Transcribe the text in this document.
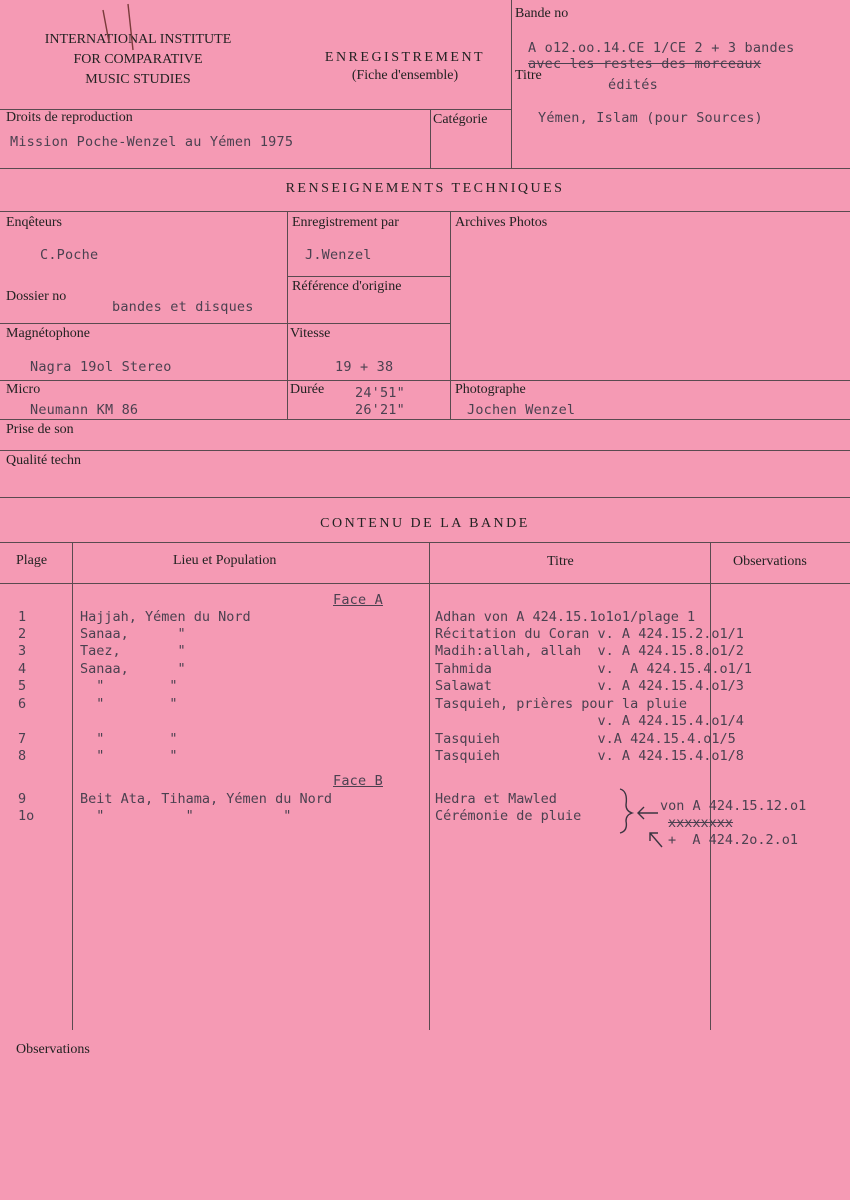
INTERNATIONAL INSTITUTE
FOR COMPARATIVE
MUSIC STUDIES
ENREGISTREMENT
(Fiche d'ensemble)
Bande no
A o12.oo.14.CE 1/CE 2 + 3 bandes
avec les restes des morceaux
édités
Titre
Yémen, Islam (pour Sources)
Droits de reproduction
Mission Poche-Wenzel au Yémen 1975
Catégorie
RENSEIGNEMENTS TECHNIQUES
Enqêteurs
C.Poche
Enregistrement par
J.Wenzel
Archives Photos
Dossier no
bandes et disques
Référence d'origine
Magnétophone
Nagra 19ol Stereo
Vitesse
19 + 38
Micro
Neumann KM 86
Durée 24'51"
26'21"
Photographe
Jochen Wenzel
Prise de son
Qualité techn
CONTENU DE LA BANDE
Plage	Lieu et Population	Titre	Observations
Face A
1	Hajjah, Yémen du Nord	Adhan von A 424.15.1o1o1/plage 1
2	Sanaa,      "	Récitation du Coran v. A 424.15.2.o1/1
3	Taez,       "	Madih:allah, allah  v. A 424.15.8.o1/2
4	Sanaa,      "	Tahmida             v.  A 424.15.4.o1/1
5	"        "	Salawat             v. A 424.15.4.o1/3
6	"        "	Tasquieh, prières pour la pluie
v. A 424.15.4.o1/4
7	"        "	Tasquieh            v.A 424.15.4.o1/5
8	"        "	Tasquieh            v. A 424.15.4.o1/8
Face B
9	Beit Ata, Tihama, Yémen du Nord	Hedra et Mawled
1o	"          "           "	Cérémonie de pluie
von A 424.15.12.o1
xxxxxxxx
+  A 424.2o.2.o1
Observations
